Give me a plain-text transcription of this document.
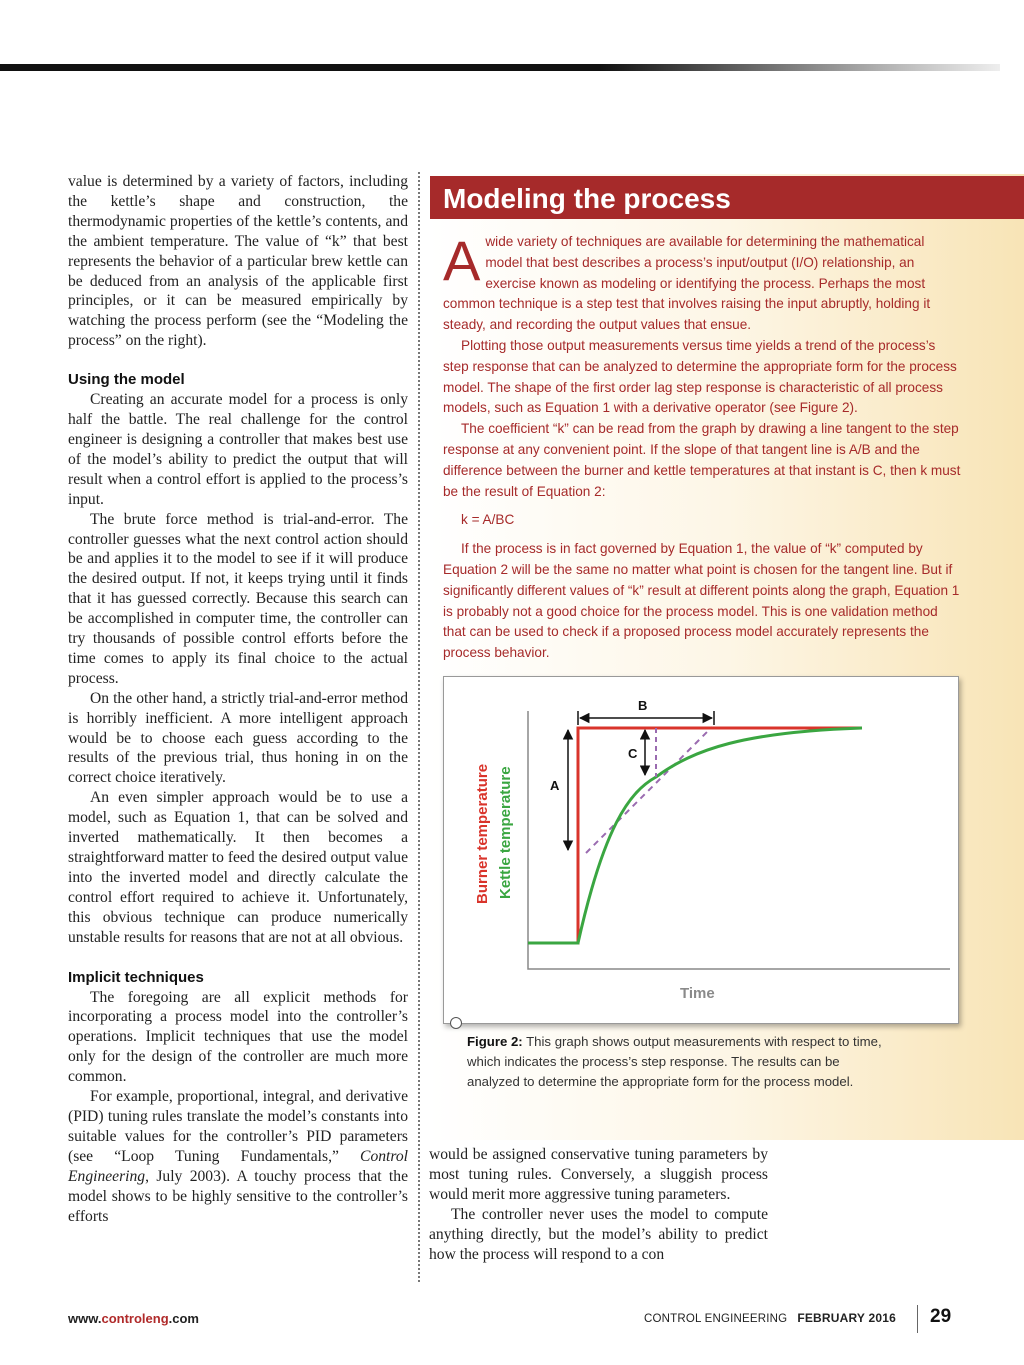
value is determined by a variety of factors, including the kettle’s shape and construction, the thermodynamic properties of the kettle’s contents, and the ambient temperature. The value of “k” that best represents the behavior of a particular brew kettle can be deduced from an analysis of the applicable first principles, or it can be measured empirically by watching the process perform (see the “Modeling the process” on the right).

Using the model

Creating an accurate model for a process is only half the battle. The real challenge for the control engineer is designing a controller that makes best use of the model’s ability to predict the output that will result when a control effort is applied to the process’s input.

The brute force method is trial-and-error. The controller guesses what the next control action should be and applies it to the model to see if it will produce the desired output. If not, it keeps trying until it finds that it has guessed correctly. Because this search can be accomplished in computer time, the controller can try thousands of possible control efforts before the time comes to apply its final choice to the actual process.

On the other hand, a strictly trial-and-error method is horribly inefficient. A more intelligent approach would be to choose each guess according to the results of the previous trial, thus honing in on the correct choice iteratively.

An even simpler approach would be to use a model, such as Equation 1, that can be solved and inverted mathematically. It then becomes a straightforward matter to feed the desired output value into the inverted model and directly calculate the control effort required to achieve it. Unfortunately, this obvious technique can produce numerically unstable results for reasons that are not at all obvious.

Implicit techniques

The foregoing are all explicit methods for incorporating a process model into the controller’s operations. Implicit techniques that use the model only for the design of the controller are much more common.

For example, proportional, integral, and derivative (PID) tuning rules translate the model’s constants into suitable values for the controller’s PID parameters (see “Loop Tuning Fundamentals,” Control Engineering, July 2003). A touchy process that the model shows to be highly sensitive to the controller’s efforts

Modeling the process

Awide variety of techniques are available for determining the mathematical model that best describes a process’s input/output (I/O) relationship, an exercise known as modeling or identifying the process. Perhaps the most common technique is a step test that involves raising the input abruptly, holding it steady, and recording the output values that ensue.

Plotting those output measurements versus time yields a trend of the process’s step response that can be analyzed to determine the appropriate form for the process model. The shape of the first order lag step response is characteristic of all process models, such as Equation 1 with a derivative operator (see Figure 2).

The coefficient “k” can be read from the graph by drawing a line tangent to the step response at any convenient point. If the slope of that tangent line is A/B and the difference between the burner and kettle temperatures at that instant is C, then k must be the result of Equation 2:

k = A/BC

If the process is in fact governed by Equation 1, the value of “k” computed by Equation 2 will be the same no matter what point is chosen for the tangent line. But if significantly different values of “k” result at different points along the graph, Equation 1 is probably not a good choice for the process model. This is one validation method that can be used to check if a proposed process model accurately represents the process behavior.

A
B
C
Burner temperature Kettle temperature
Time
Figure 2: This graph shows output measurements with respect to time, which indicates the process’s step response. The results can be analyzed to determine the appropriate form for the process model.

would be assigned conservative tuning parameters by most tuning rules. Conversely, a sluggish process would merit more aggressive tuning parameters.

The controller never uses the model to compute anything directly, but the model’s ability to predict how the process will respond to a con

www.controleng.com	CONTROL ENGINEERING FEBRUARY 2016 29
